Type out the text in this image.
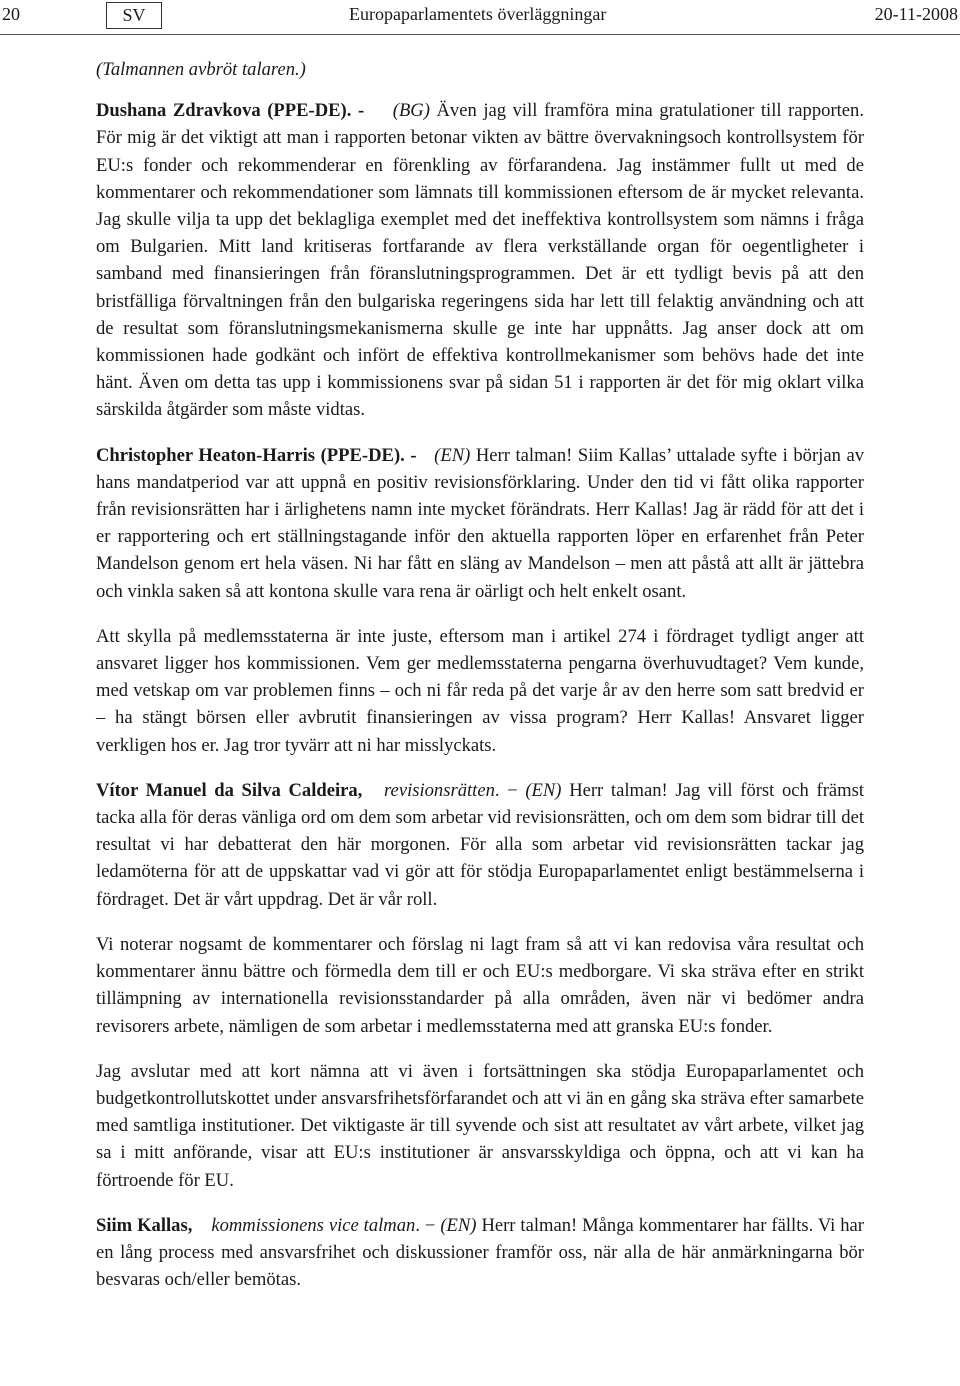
20	SV	Europaparlamentets överläggningar	20-11-2008

(Talmannen avbröt talaren.)

Dushana Zdravkova (PPE-DE). - (BG) Även jag vill framföra mina gratulationer till rapporten. För mig är det viktigt att man i rapporten betonar vikten av bättre övervakningsoch kontrollsystem för EU:s fonder och rekommenderar en förenkling av förfarandena. Jag instämmer fullt ut med de kommentarer och rekommendationer som lämnats till kommissionen eftersom de är mycket relevanta. Jag skulle vilja ta upp det beklagliga exemplet med det ineffektiva kontrollsystem som nämns i fråga om Bulgarien. Mitt land kritiseras fortfarande av flera verkställande organ för oegentligheter i samband med finansieringen från föranslutningsprogrammen. Det är ett tydligt bevis på att den bristfälliga förvaltningen från den bulgariska regeringens sida har lett till felaktig användning och att de resultat som föranslutningsmekanismerna skulle ge inte har uppnåtts. Jag anser dock att om kommissionen hade godkänt och infört de effektiva kontrollmekanismer som behövs hade det inte hänt. Även om detta tas upp i kommissionens svar på sidan 51 i rapporten är det för mig oklart vilka särskilda åtgärder som måste vidtas.

Christopher Heaton-Harris (PPE-DE). - (EN) Herr talman! Siim Kallas’ uttalade syfte i början av hans mandatperiod var att uppnå en positiv revisionsförklaring. Under den tid vi fått olika rapporter från revisionsrätten har i ärlighetens namn inte mycket förändrats. Herr Kallas! Jag är rädd för att det i er rapportering och ert ställningstagande inför den aktuella rapporten löper en erfarenhet från Peter Mandelson genom ert hela väsen. Ni har fått en släng av Mandelson – men att påstå att allt är jättebra och vinkla saken så att kontona skulle vara rena är oärligt och helt enkelt osant.

Att skylla på medlemsstaterna är inte juste, eftersom man i artikel 274 i fördraget tydligt anger att ansvaret ligger hos kommissionen. Vem ger medlemsstaterna pengarna överhuvudtaget? Vem kunde, med vetskap om var problemen finns – och ni får reda på det varje år av den herre som satt bredvid er – ha stängt börsen eller avbrutit finansieringen av vissa program? Herr Kallas! Ansvaret ligger verkligen hos er. Jag tror tyvärr att ni har misslyckats.

Vítor Manuel da Silva Caldeira, revisionsrätten. − (EN) Herr talman! Jag vill först och främst tacka alla för deras vänliga ord om dem som arbetar vid revisionsrätten, och om dem som bidrar till det resultat vi har debatterat den här morgonen. För alla som arbetar vid revisionsrätten tackar jag ledamöterna för att de uppskattar vad vi gör att för stödja Europaparlamentet enligt bestämmelserna i fördraget. Det är vårt uppdrag. Det är vår roll.

Vi noterar nogsamt de kommentarer och förslag ni lagt fram så att vi kan redovisa våra resultat och kommentarer ännu bättre och förmedla dem till er och EU:s medborgare. Vi ska sträva efter en strikt tillämpning av internationella revisionsstandarder på alla områden, även när vi bedömer andra revisorers arbete, nämligen de som arbetar i medlemsstaterna med att granska EU:s fonder.

Jag avslutar med att kort nämna att vi även i fortsättningen ska stödja Europaparlamentet och budgetkontrollutskottet under ansvarsfrihetsförfarandet och att vi än en gång ska sträva efter samarbete med samtliga institutioner. Det viktigaste är till syvende och sist att resultatet av vårt arbete, vilket jag sa i mitt anförande, visar att EU:s institutioner är ansvarsskyldiga och öppna, och att vi kan ha förtroende för EU.

Siim Kallas, kommissionens vice talman. − (EN) Herr talman! Många kommentarer har fällts. Vi har en lång process med ansvarsfrihet och diskussioner framför oss, när alla de här anmärkningarna bör besvaras och/eller bemötas.
